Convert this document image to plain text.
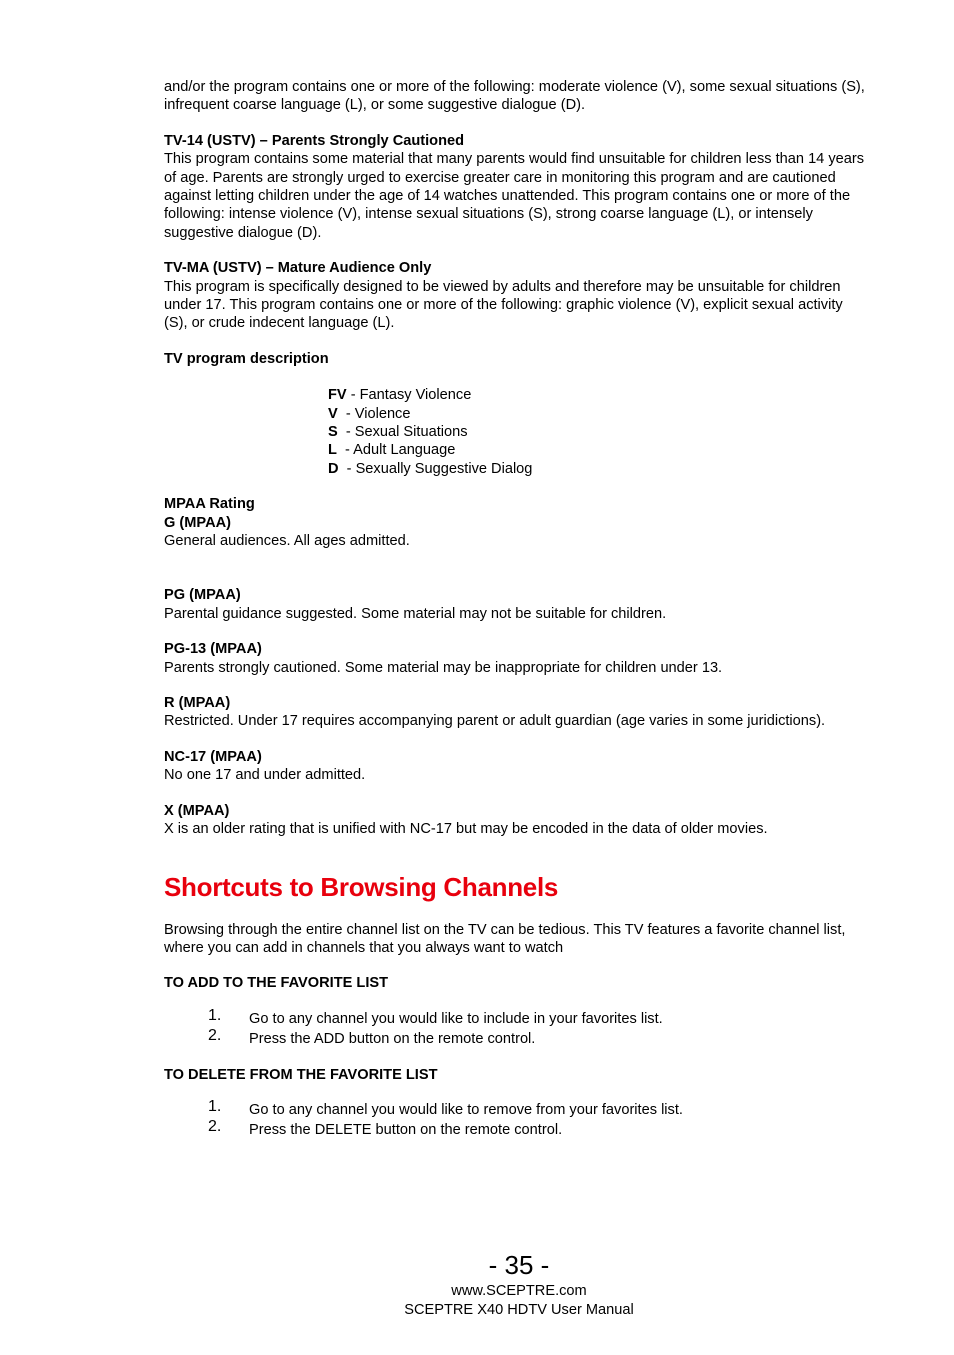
and/or the program contains one or more of the following: moderate violence (V), some sexual situations (S), infrequent coarse language (L), or some suggestive dialogue (D).

TV-14 (USTV) – Parents Strongly Cautioned

This program contains some material that many parents would find unsuitable for children less than 14 years of age. Parents are strongly urged to exercise greater care in monitoring this program and are cautioned against letting children under the age of 14 watches unattended. This program contains one or more of the following: intense violence (V), intense sexual situations (S), strong coarse language (L), or intensely suggestive dialogue (D).

TV-MA (USTV) – Mature Audience Only

This program is specifically designed to be viewed by adults and therefore may be unsuitable for children under 17. This program contains one or more of the following: graphic violence (V), explicit sexual activity (S), or crude indecent language (L).

TV program description

FV - Fantasy Violence
V  - Violence
S  - Sexual Situations
L  - Adult Language
D  - Sexually Suggestive Dialog

MPAA Rating

G (MPAA)

General audiences. All ages admitted.

PG (MPAA)

Parental guidance suggested. Some material may not be suitable for children.

PG-13 (MPAA)

Parents strongly cautioned. Some material may be inappropriate for children under 13.

R (MPAA)

Restricted. Under 17 requires accompanying parent or adult guardian (age varies in some juridictions).

NC-17 (MPAA)

No one 17 and under admitted.

X (MPAA)

X is an older rating that is unified with NC-17 but may be encoded in the data of older movies.

Shortcuts to Browsing Channels

Browsing through the entire channel list on the TV can be tedious. This TV features a favorite channel list, where you can add in channels that you always want to watch

TO ADD TO THE FAVORITE LIST

1. Go to any channel you would like to include in your favorites list.
2. Press the ADD button on the remote control.

TO DELETE FROM THE FAVORITE LIST

1. Go to any channel you would like to remove from your favorites list.
2. Press the DELETE button on the remote control.
- 35 -
www.SCEPTRE.com
SCEPTRE X40 HDTV User Manual
